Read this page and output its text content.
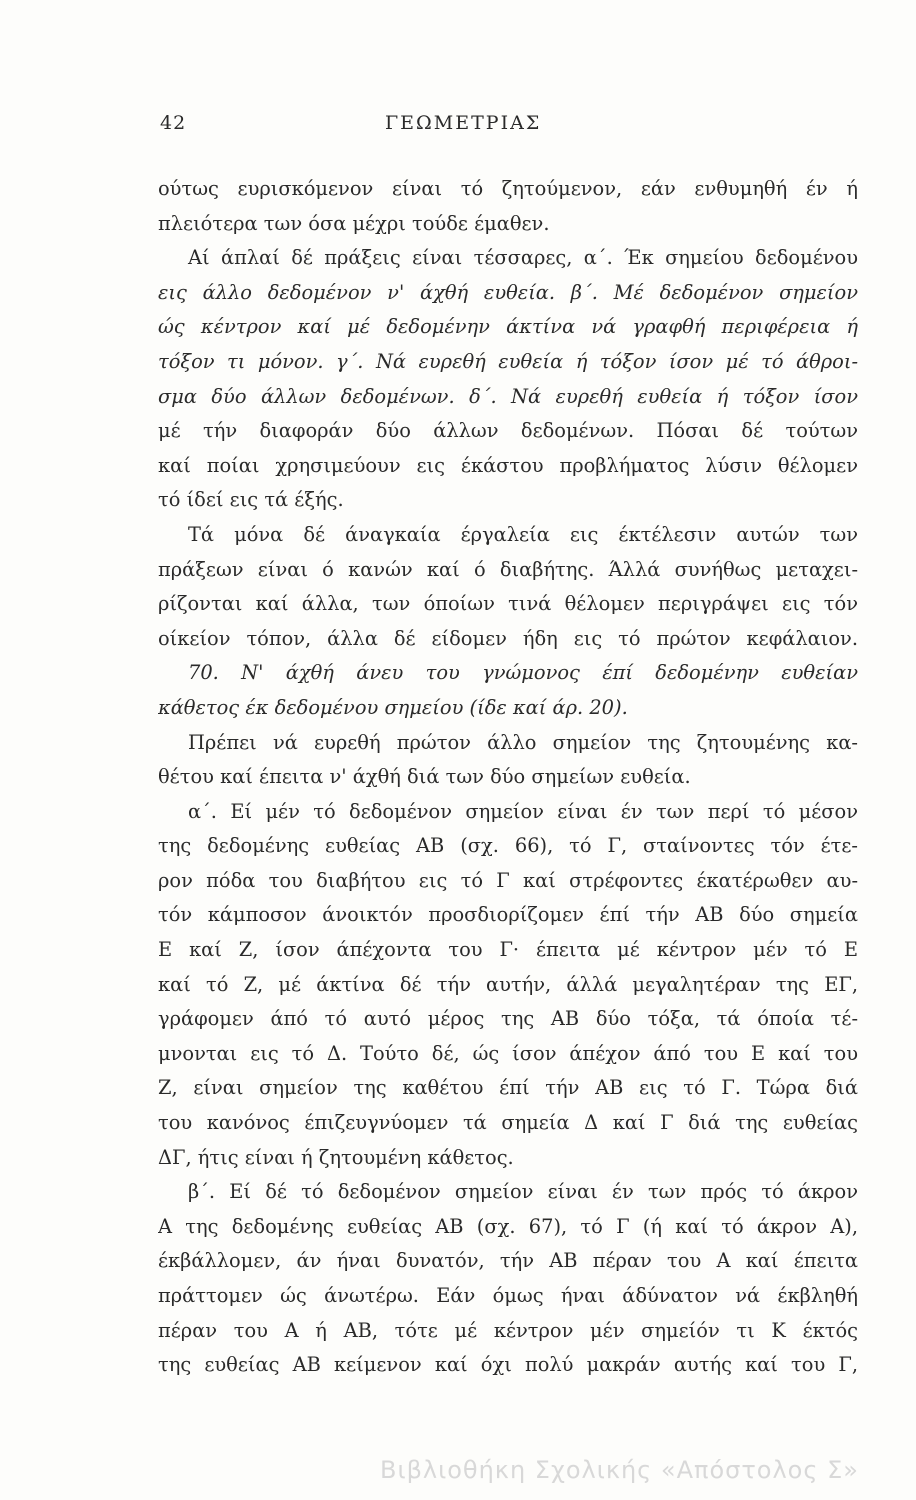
42	ΓΕΩΜΕΤΡΙΑΣ
ούτως ευρισκόμενον είναι τό ζητούμενον, εάν ενθυμηθή έν ή
πλειότερα των όσα μέχρι τούδε έμαθεν.
Αί άπλαί δέ πράξεις είναι τέσσαρες, α΄. Έκ σημείου δεδομένου
εις άλλο δεδομένον ν' άχθή ευθεία. β΄. Μέ δεδομένον σημείον
ώς κέντρον καί μέ δεδομένην άκτίνα νά γραφθή περιφέρεια ή
τόξον τι μόνον. γ΄. Νά ευρεθή ευθεία ή τόξον ίσον μέ τό άθροι-
σμα δύο άλλων δεδομένων. δ΄. Νά ευρεθή ευθεία ή τόξον ίσον
μέ τήν διαφοράν δύο άλλων δεδομένων. Πόσαι δέ τούτων
καί ποίαι χρησιμεύουν εις έκάστου προβλήματος λύσιν θέλομεν
τό ίδεί εις τά έξής.
Τά μόνα δέ άναγκαία έργαλεία εις έκτέλεσιν αυτών των
πράξεων είναι ό κανών καί ό διαβήτης. Άλλά συνήθως μεταχει-
ρίζονται καί άλλα, των όποίων τινά θέλομεν περιγράψει εις τόν
οίκείον τόπον, άλλα δέ είδομεν ήδη εις τό πρώτον κεφάλαιον.
70. Ν' άχθή άνευ του γνώμονος έπί δεδομένην ευθείαν
κάθετος έκ δεδομένου σημείου (ίδε καί άρ. 20).
Πρέπει νά ευρεθή πρώτον άλλο σημείον της ζητουμένης κα-
θέτου καί έπειτα ν' άχθή διά των δύο σημείων ευθεία.
α΄. Εί μέν τό δεδομένον σημείον είναι έν των περί τό μέσον
της δεδομένης ευθείας ΑΒ (σχ. 66), τό Γ, σταίνοντες τόν έτε-
ρον πόδα του διαβήτου εις τό Γ καί στρέφοντες έκατέρωθεν αυ-
τόν κάμποσον άνοικτόν προσδιορίζομεν έπί τήν ΑΒ δύο σημεία
Ε καί Ζ, ίσον άπέχοντα του Γ· έπειτα μέ κέντρον μέν τό Ε
καί τό Ζ, μέ άκτίνα δέ τήν αυτήν, άλλά μεγαλητέραν της ΕΓ,
γράφομεν άπό τό αυτό μέρος της ΑΒ δύο τόξα, τά όποία τέ-
μνονται εις τό Δ. Τούτο δέ, ώς ίσον άπέχον άπό του Ε καί του
Ζ, είναι σημείον της καθέτου έπί τήν ΑΒ εις τό Γ. Τώρα διά
του κανόνος έπιζευγνύομεν τά σημεία Δ καί Γ διά της ευθείας
ΔΓ, ήτις είναι ή ζητουμένη κάθετος.
β΄. Εί δέ τό δεδομένον σημείον είναι έν των πρός τό άκρον
Α της δεδομένης ευθείας ΑΒ (σχ. 67), τό Γ (ή καί τό άκρον Α),
έκβάλλομεν, άν ήναι δυνατόν, τήν ΑΒ πέραν του Α καί έπειτα
πράττομεν ώς άνωτέρω. Εάν όμως ήναι άδύνατον νά έκβληθή
πέραν του Α ή ΑΒ, τότε μέ κέντρον μέν σημείόν τι Κ έκτός
της ευθείας ΑΒ κείμενον καί όχι πολύ μακράν αυτής καί του Γ,
Βιβλιοθήκη Σχολικής «Απόστολος Σ»
